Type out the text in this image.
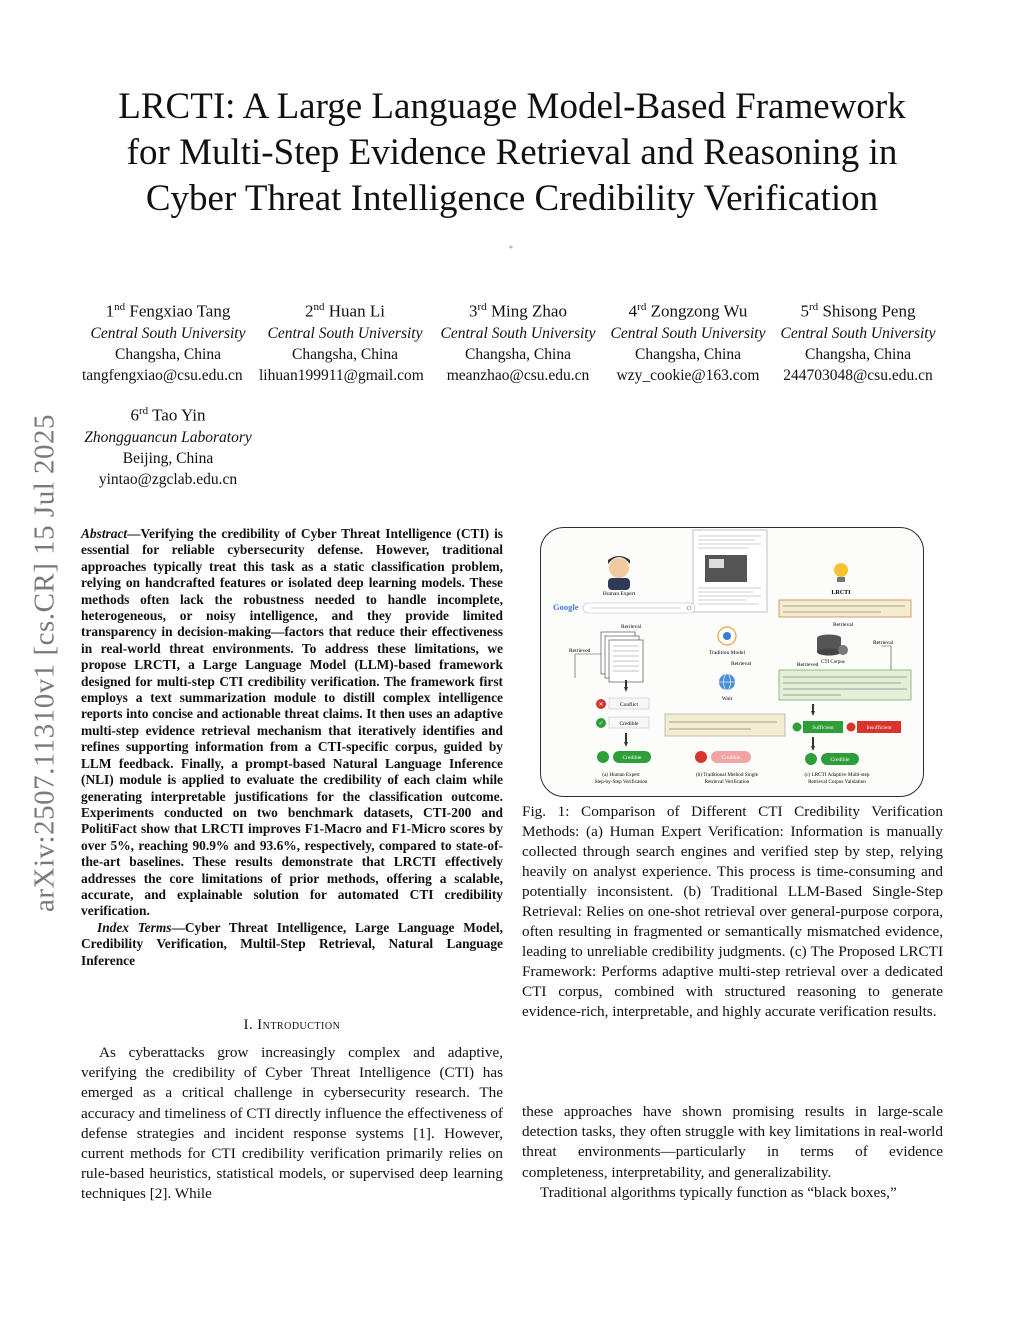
arXiv:2507.11310v1 [cs.CR] 15 Jul 2025
LRCTI: A Large Language Model-Based Framework
for Multi-Step Evidence Retrieval and Reasoning in
Cyber Threat Intelligence Credibility Verification
*
1nd Fengxiao Tang
Central South University
Changsha, China
tangfengxiao@csu.edu.cn
2nd Huan Li
Central South University
Changsha, China
lihuan199911@gmail.com
3rd Ming Zhao
Central South University
Changsha, China
meanzhao@csu.edu.cn
4rd Zongzong Wu
Central South University
Changsha, China
wzy_cookie@163.com
5rd Shisong Peng
Central South University
Changsha, China
244703048@csu.edu.cn
6rd Tao Yin
Zhongguancun Laboratory
Beijing, China
yintao@zgclab.edu.cn

Abstract—Verifying the credibility of Cyber Threat Intelligence (CTI) is essential for reliable cybersecurity defense. However, traditional approaches typically treat this task as a static classification problem, relying on handcrafted features or isolated deep learning models. These methods often lack the robustness needed to handle incomplete, heterogeneous, or noisy intelligence, and they provide limited transparency in decision-making—factors that reduce their effectiveness in real-world threat environments. To address these limitations, we propose LRCTI, a Large Language Model (LLM)-based framework designed for multi-step CTI credibility verification. The framework first employs a text summarization module to distill complex intelligence reports into concise and actionable threat claims. It then uses an adaptive multi-step evidence retrieval mechanism that iteratively identifies and refines supporting information from a CTI-specific corpus, guided by LLM feedback. Finally, a prompt-based Natural Language Inference (NLI) module is applied to evaluate the credibility of each claim while generating interpretable justifications for the classification outcome. Experiments conducted on two benchmark datasets, CTI-200 and PolitiFact show that LRCTI improves F1-Macro and F1-Micro scores by over 5%, reaching 90.9% and 93.6%, respectively, compared to state-of-the-art baselines. These results demonstrate that LRCTI effectively addresses the core limitations of prior methods, offering a scalable, accurate, and explainable solution for automated CTI credibility verification.

Index Terms—Cyber Threat Intelligence, Large Language Model, Credibility Verification, Multil-Step Retrieval, Natural Language Inference

I. Introduction

As cyberattacks grow increasingly complex and adaptive, verifying the credibility of Cyber Threat Intelligence (CTI) has emerged as a critical challenge in cybersecurity research. The accuracy and timeliness of CTI directly influence the effectiveness of defense strategies and incident response systems [1]. However, current methods for CTI credibility verification primarily relies on rule-based heuristics, statistical models, or supervised deep learning techniques [2]. While

Human Expert
Google
Retrieval
Retrieved
✕	Conflict
✓	Credible
Credible
(a) Human Expert
Step-by-Step Verification
Tradition Model
Retrieval
Wait
Credible
(b) Traditional Method Single
Retrieval Verification
LRCTI
Retrieval
CTI Corpus
Retrieval
Retrieved
Sufficient	Insufficient
Credible
(c) LRCTI Adaptive Multi-step
Retrieval Corpus Validation

Fig. 1: Comparison of Different CTI Credibility Verification Methods: (a) Human Expert Verification: Information is manually collected through search engines and verified step by step, relying heavily on analyst experience. This process is time-consuming and potentially inconsistent. (b) Traditional LLM-Based Single-Step Retrieval: Relies on one-shot retrieval over general-purpose corpora, often resulting in fragmented or semantically mismatched evidence, leading to unreliable credibility judgments. (c) The Proposed LRCTI Framework: Performs adaptive multi-step retrieval over a dedicated CTI corpus, combined with structured reasoning to generate evidence-rich, interpretable, and highly accurate verification results.

these approaches have shown promising results in large-scale detection tasks, they often struggle with key limitations in real-world threat environments—particularly in terms of evidence completeness, interpretability, and generalizability.

Traditional algorithms typically function as “black boxes,”
